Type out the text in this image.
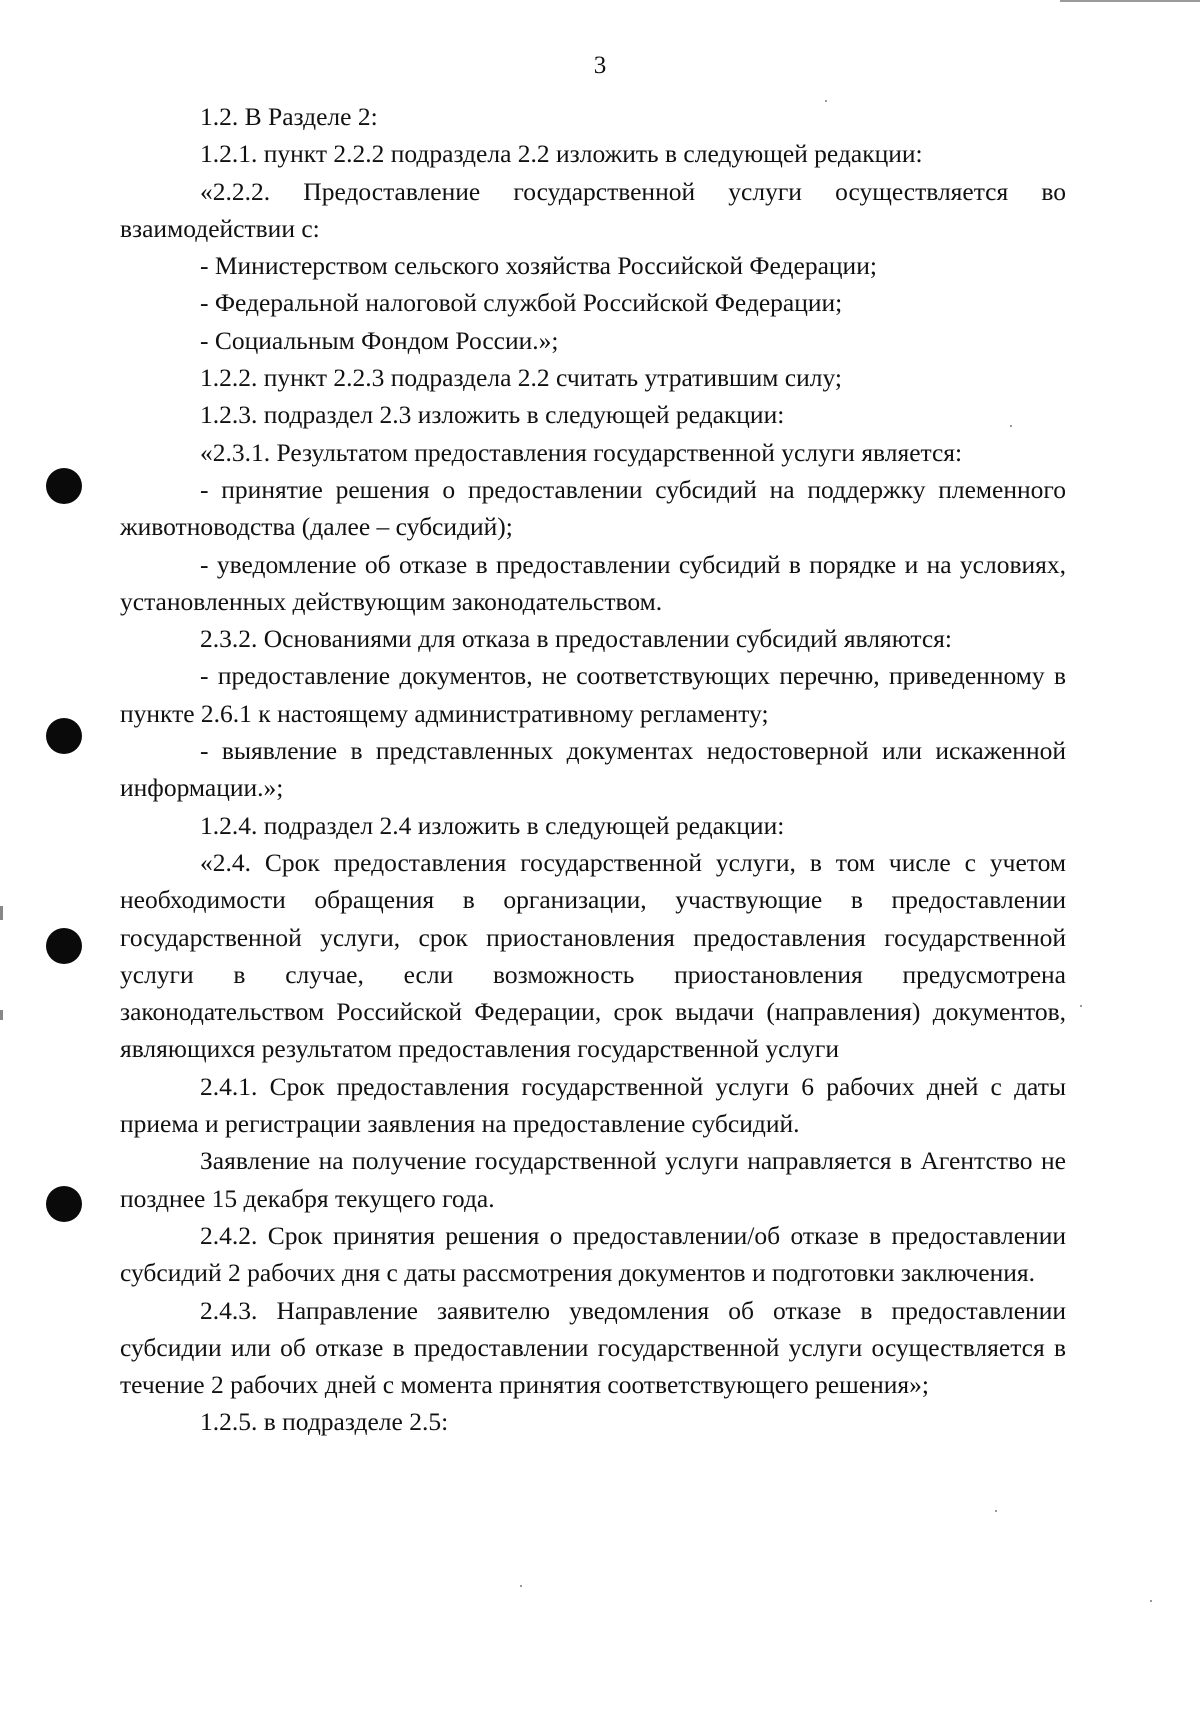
3

1.2. В Разделе 2:

1.2.1. пункт 2.2.2 подраздела 2.2 изложить в следующей редакции:

«2.2.2. Предоставление государственной услуги осуществляется во взаимодействии с:

- Министерством сельского хозяйства Российской Федерации;

- Федеральной налоговой службой Российской Федерации;

- Социальным Фондом России.»;

1.2.2. пункт 2.2.3 подраздела 2.2 считать утратившим силу;

1.2.3. подраздел 2.3 изложить в следующей редакции:

«2.3.1. Результатом предоставления государственной услуги является:

- принятие решения о предоставлении субсидий на поддержку племенного животноводства (далее – субсидий);

- уведомление об отказе в предоставлении субсидий в порядке и на условиях, установленных действующим законодательством.

2.3.2. Основаниями для отказа в предоставлении субсидий являются:

- предоставление документов, не соответствующих перечню, приведенному в пункте 2.6.1 к настоящему административному регламенту;

- выявление в представленных документах недостоверной или искаженной информации.»;

1.2.4. подраздел 2.4 изложить в следующей редакции:

«2.4. Срок предоставления государственной услуги, в том числе с учетом необходимости обращения в организации, участвующие в предоставлении государственной услуги, срок приостановления предоставления государственной услуги в случае, если возможность приостановления предусмотрена законодательством Российской Федерации, срок выдачи (направления) документов, являющихся результатом предоставления государственной услуги

2.4.1. Срок предоставления государственной услуги 6 рабочих дней с даты приема и регистрации заявления на предоставление субсидий.

Заявление на получение государственной услуги направляется в Агентство не позднее 15 декабря текущего года.

2.4.2. Срок принятия решения о предоставлении/об отказе в предоставлении субсидий 2 рабочих дня с даты рассмотрения документов и подготовки заключения.

2.4.3. Направление заявителю уведомления об отказе в предоставлении субсидии или об отказе в предоставлении государственной услуги осуществляется в течение 2 рабочих дней с момента принятия соответствующего решения»;

1.2.5. в подразделе 2.5:
